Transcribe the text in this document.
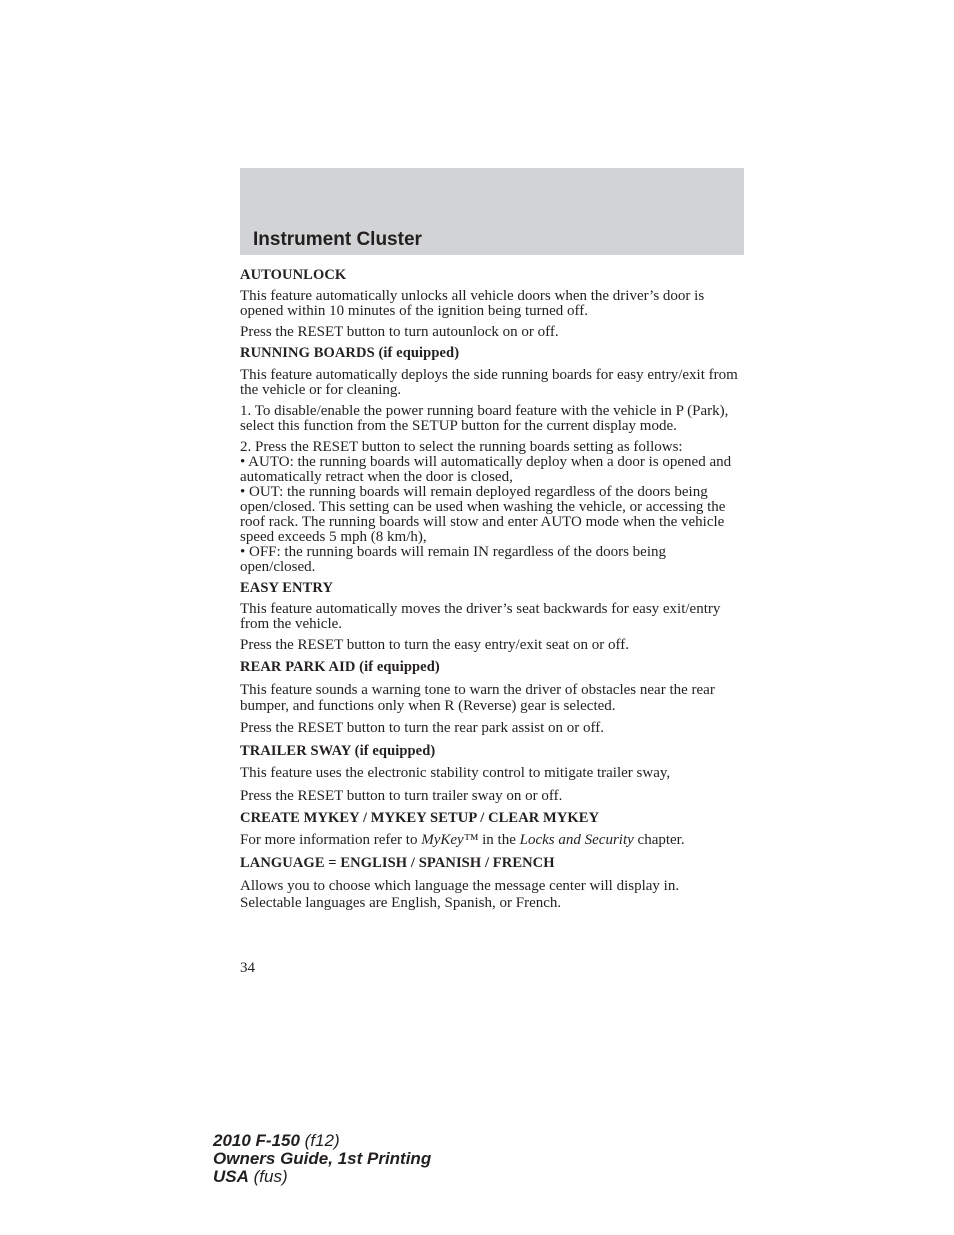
Instrument Cluster

AUTOUNLOCK

This feature automatically unlocks all vehicle doors when the driver’s door is opened within 10 minutes of the ignition being turned off.

Press the RESET button to turn autounlock on or off.

RUNNING BOARDS (if equipped)

This feature automatically deploys the side running boards for easy entry/exit from the vehicle or for cleaning.

1. To disable/enable the power running board feature with the vehicle in P (Park), select this function from the SETUP button for the current display mode.

2. Press the RESET button to select the running boards setting as follows:

• AUTO: the running boards will automatically deploy when a door is opened and automatically retract when the door is closed,

• OUT: the running boards will remain deployed regardless of the doors being open/closed. This setting can be used when washing the vehicle, or accessing the roof rack. The running boards will stow and enter AUTO mode when the vehicle speed exceeds 5 mph (8 km/h),

• OFF: the running boards will remain IN regardless of the doors being open/closed.

EASY ENTRY

This feature automatically moves the driver’s seat backwards for easy exit/entry from the vehicle.

Press the RESET button to turn the easy entry/exit seat on or off.

REAR PARK AID (if equipped)

This feature sounds a warning tone to warn the driver of obstacles near the rear bumper, and functions only when R (Reverse) gear is selected.

Press the RESET button to turn the rear park assist on or off.

TRAILER SWAY (if equipped)

This feature uses the electronic stability control to mitigate trailer sway,

Press the RESET button to turn trailer sway on or off.

CREATE MYKEY / MYKEY SETUP / CLEAR MYKEY

For more information refer to MyKey™ in the Locks and Security chapter.

LANGUAGE = ENGLISH / SPANISH / FRENCH

Allows you to choose which language the message center will display in. Selectable languages are English, Spanish, or French.

34
2010 F-150 (f12)
Owners Guide, 1st Printing
USA (fus)
